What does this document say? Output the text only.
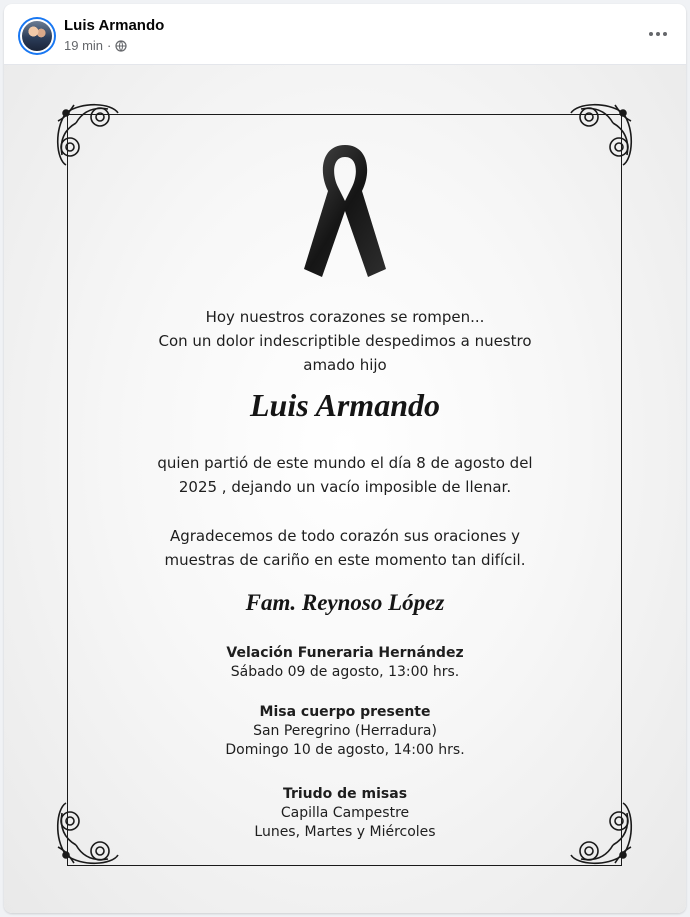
Luis Armando
19 min ·
Hoy nuestros corazones se rompen...
Con un dolor indescriptible despedimos a nuestro
amado hijo
Luis Armando
quien partió de este mundo el día 8 de agosto del
2025 , dejando un vacío imposible de llenar.
Agradecemos de todo corazón sus oraciones y
muestras de cariño en este momento tan difícil.
Fam. Reynoso López
Velación Funeraria Hernández
Sábado 09 de agosto, 13:00 hrs.
Misa cuerpo presente
San Peregrino (Herradura)
Domingo 10 de agosto, 14:00 hrs.
Triudo de misas
Capilla Campestre
Lunes, Martes y Miércoles
